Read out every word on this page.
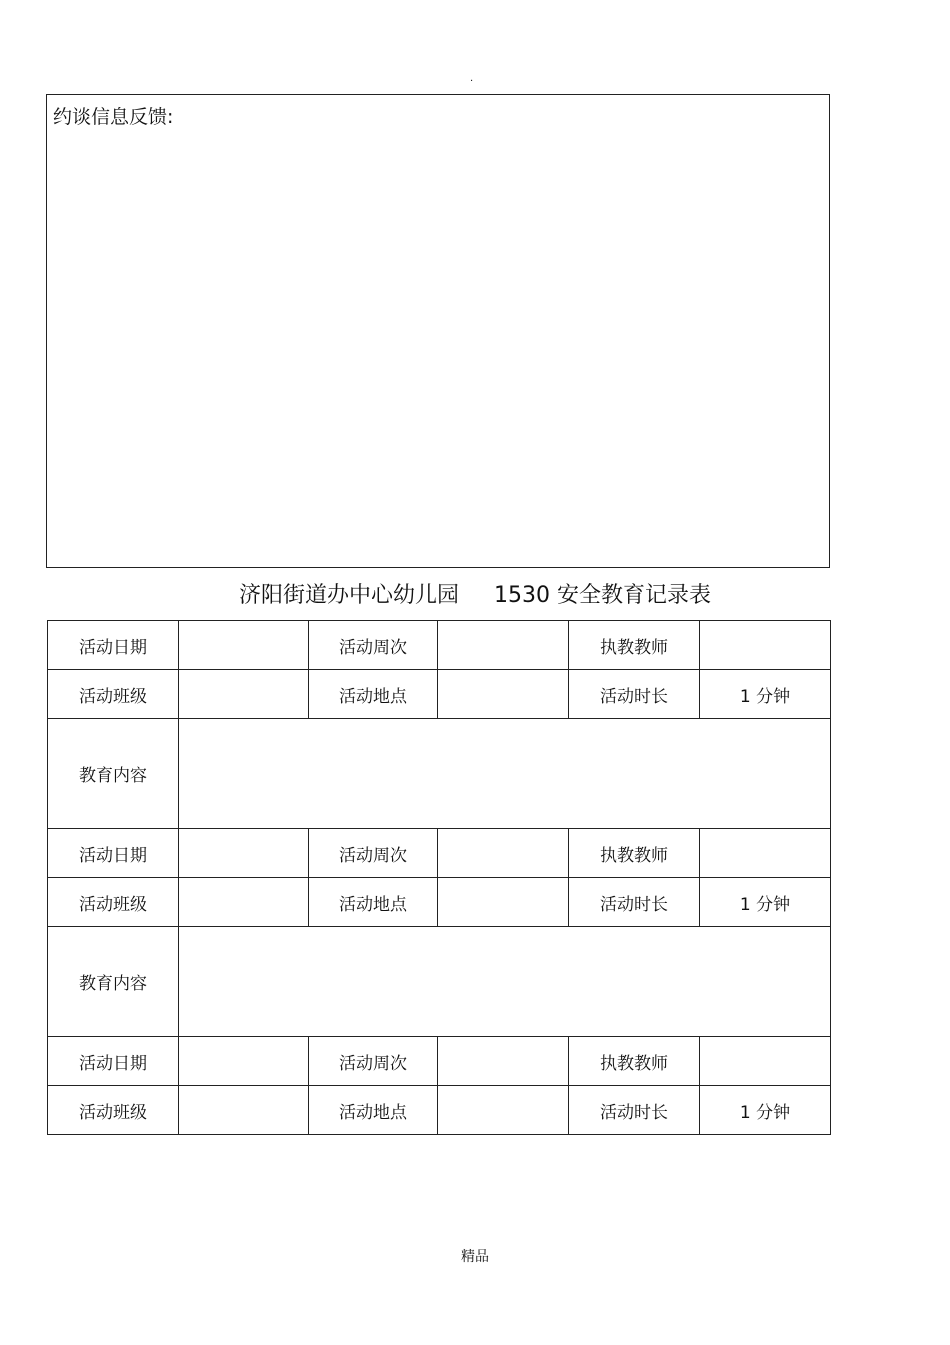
.
约谈信息反馈:
济阳街道办中心幼儿园     1530 安全教育记录表
活动日期		活动周次		执教教师	
活动班级		活动地点		活动时长	1 分钟
教育内容					
活动日期		活动周次		执教教师	
活动班级		活动地点		活动时长	1 分钟
教育内容					
活动日期		活动周次		执教教师	
活动班级		活动地点		活动时长	1 分钟
精品
